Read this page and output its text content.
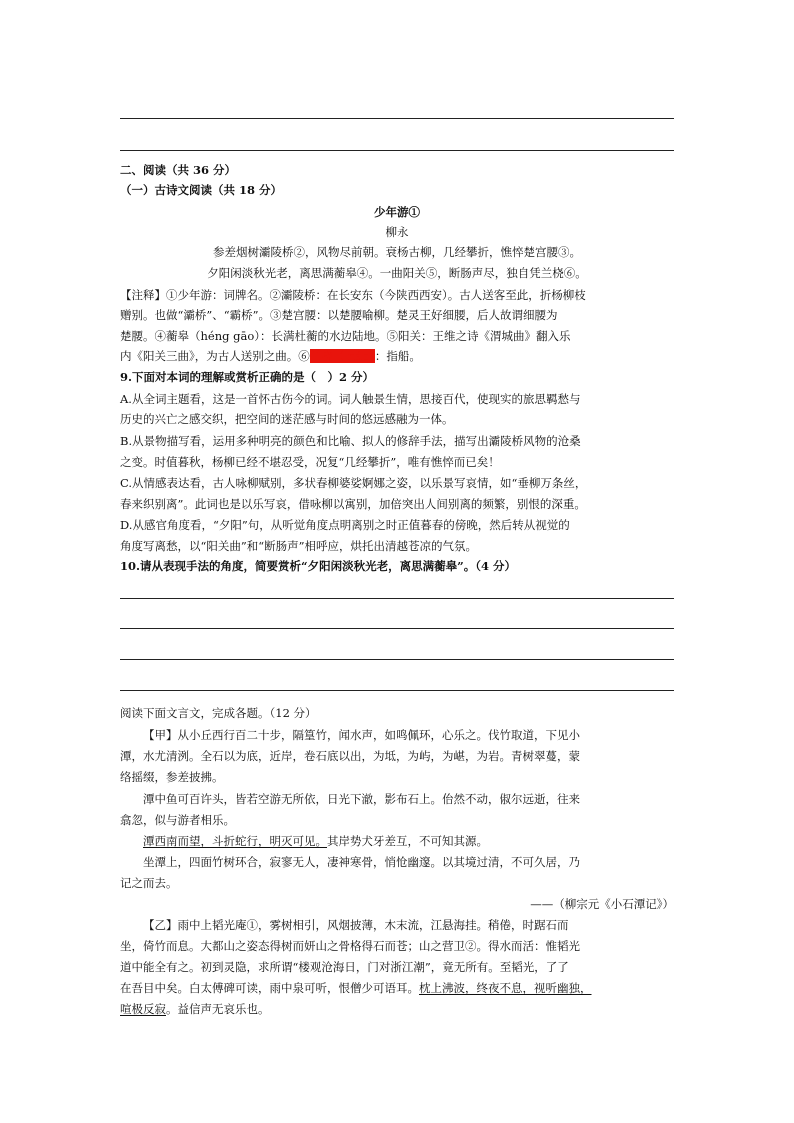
二、阅读（共 36 分）
（一）古诗文阅读（共 18 分）
少年游①
柳永
参差烟树灞陵桥②，风物尽前朝。衰杨古柳，几经攀折，憔悴楚宫腰③。
夕阳闲淡秋光老，离思满蘅皋④。一曲阳关⑤，断肠声尽，独自凭兰桡⑥。
【注释】①少年游：词牌名。②灞陵桥：在长安东（今陕西西安）。古人送客至此，折杨柳枝
赠别。也做“灞桥”、“霸桥”。③楚宫腰：以楚腰喻柳。楚灵王好细腰，后人故谓细腰为
楚腰。④蘅皋（héng gāo）：长满杜蘅的水边陆地。⑤阳关：王维之诗《渭城曲》翻入乐
内《阳关三曲》，为古人送别之曲。⑥兰桡（ náo）：指船。
9.下面对本词的理解或赏析正确的是（　）2 分）
A.从全词主题看，这是一首怀古伤今的词。词人触景生情，思接百代，使现实的旅思羁愁与
历史的兴亡之感交织，把空间的迷茫感与时间的悠远感融为一体。
B.从景物描写看，运用多种明亮的颜色和比喻、拟人的修辞手法，描写出灞陵桥风物的沧桑
之变。时值暮秋，杨柳已经不堪忍受，况复“几经攀折”，唯有憔悴而已矣！
C.从情感表达看，古人咏柳赋别，多状春柳婆娑婀娜之姿，以乐景写哀情，如“垂柳万条丝，
春来织别离”。此词也是以乐写哀，借咏柳以寓别，加倍突出人间别离的频繁，别恨的深重。
D.从感官角度看，“夕阳”句，从听觉角度点明离别之时正值暮春的傍晚，然后转从视觉的
角度写离愁，以“阳关曲”和“断肠声”相呼应，烘托出清越苍凉的气氛。
10.请从表现手法的角度，简要赏析“夕阳闲淡秋光老，离思满蘅皋”。（4 分）
阅读下面文言文，完成各题。（12 分）
【甲】从小丘西行百二十步，隔篁竹，闻水声，如鸣佩环，心乐之。伐竹取道，下见小
潭，水尤清洌。全石以为底，近岸，卷石底以出，为坻，为屿，为嵁，为岩。青树翠蔓，蒙
络摇缀，参差披拂。
潭中鱼可百许头，皆若空游无所依，日光下澈，影布石上。佁然不动，俶尔远逝，往来
翕忽，似与游者相乐。
潭西南而望，斗折蛇行，明灭可见。其岸势犬牙差互，不可知其源。
坐潭上，四面竹树环合，寂寥无人，凄神寒骨，悄怆幽邃。以其境过清，不可久居，乃
记之而去。
——（柳宗元《小石潭记》）
【乙】雨中上韬光庵①，雾树相引，风烟披薄，木末流，江悬海挂。稍倦，时踞石而
坐，倚竹而息。大都山之姿态得树而妍山之骨格得石而苍；山之营卫②。得水而活：惟韬光
道中能全有之。初到灵隐，求所谓“楼观沧海日，门对浙江潮”，竟无所有。至韬光，了了
在吾目中矣。白太傅碑可读，雨中泉可听，恨僧少可语耳。枕上沸波，终夜不息，视听幽独，
喧极反寂。益信声无哀乐也。
